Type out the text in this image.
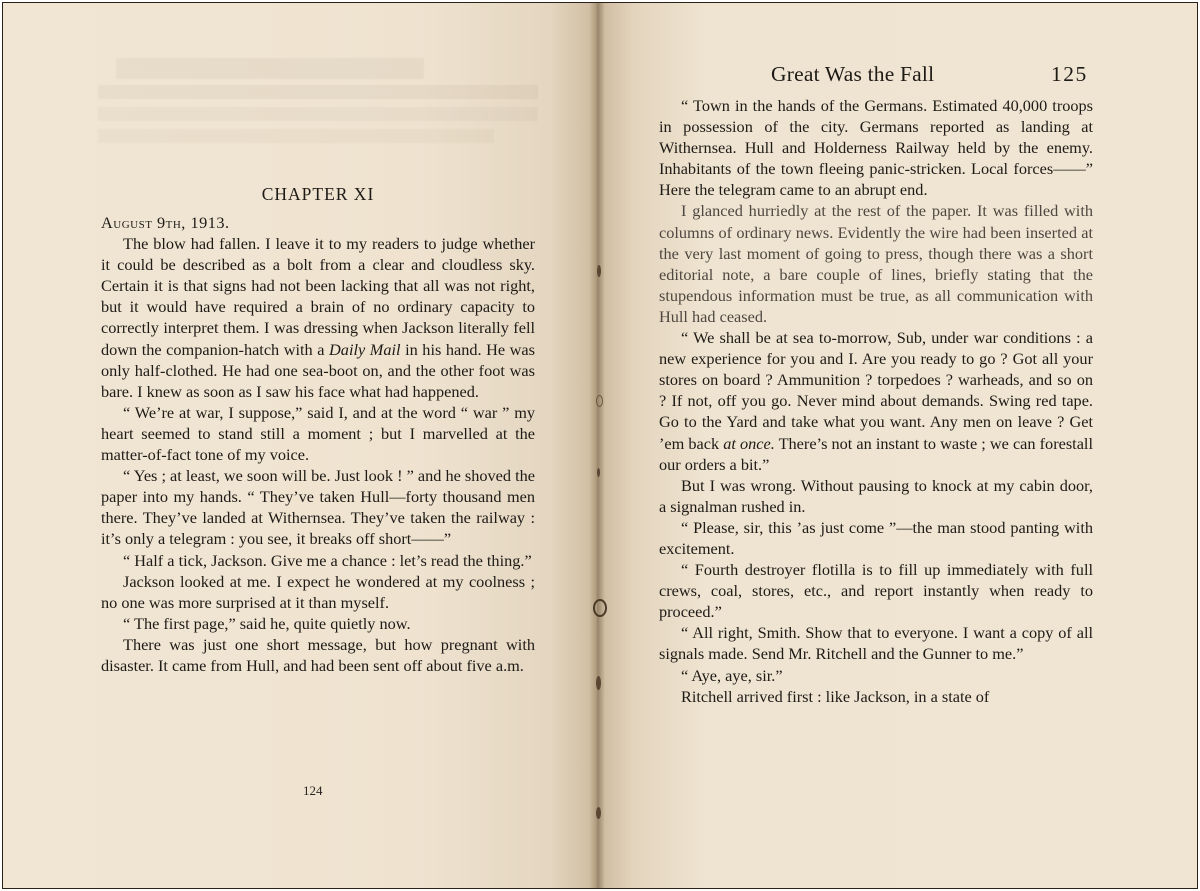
CHAPTER XI

August 9th, 1913.

The blow had fallen. I leave it to my readers to judge whether it could be described as a bolt from a clear and cloudless sky. Certain it is that signs had not been lacking that all was not right, but it would have required a brain of no ordinary capacity to correctly interpret them. I was dressing when Jackson literally fell down the companion-hatch with a Daily Mail in his hand. He was only half-clothed. He had one sea-boot on, and the other foot was bare. I knew as soon as I saw his face what had happened.

“ We’re at war, I suppose,” said I, and at the word “ war ” my heart seemed to stand still a moment ; but I marvelled at the matter-of-fact tone of my voice.

“ Yes ; at least, we soon will be. Just look ! ” and he shoved the paper into my hands. “ They’ve taken Hull—forty thousand men there. They’ve landed at Withernsea. They’ve taken the railway : it’s only a telegram : you see, it breaks off short——”

“ Half a tick, Jackson. Give me a chance : let’s read the thing.”

Jackson looked at me. I expect he wondered at my coolness ; no one was more surprised at it than myself.

“ The first page,” said he, quite quietly now.

There was just one short message, but how pregnant with disaster. It came from Hull, and had been sent off about five a.m.

124
Great Was the Fall	125

“ Town in the hands of the Germans. Estimated 40,000 troops in possession of the city. Germans reported as landing at Withernsea. Hull and Holderness Railway held by the enemy. Inhabitants of the town fleeing panic-stricken. Local forces——” Here the telegram came to an abrupt end.

I glanced hurriedly at the rest of the paper. It was filled with columns of ordinary news. Evidently the wire had been inserted at the very last moment of going to press, though there was a short editorial note, a bare couple of lines, briefly stating that the stupendous information must be true, as all communication with Hull had ceased.

“ We shall be at sea to-morrow, Sub, under war conditions : a new experience for you and I. Are you ready to go ? Got all your stores on board ? Ammunition ? torpedoes ? warheads, and so on ? If not, off you go. Never mind about demands. Swing red tape. Go to the Yard and take what you want. Any men on leave ? Get ’em back at once. There’s not an instant to waste ; we can forestall our orders a bit.”

But I was wrong. Without pausing to knock at my cabin door, a signalman rushed in.

“ Please, sir, this ’as just come ”—the man stood panting with excitement.

“ Fourth destroyer flotilla is to fill up immediately with full crews, coal, stores, etc., and report instantly when ready to proceed.”

“ All right, Smith. Show that to everyone. I want a copy of all signals made. Send Mr. Ritchell and the Gunner to me.”

“ Aye, aye, sir.”

Ritchell arrived first : like Jackson, in a state of
